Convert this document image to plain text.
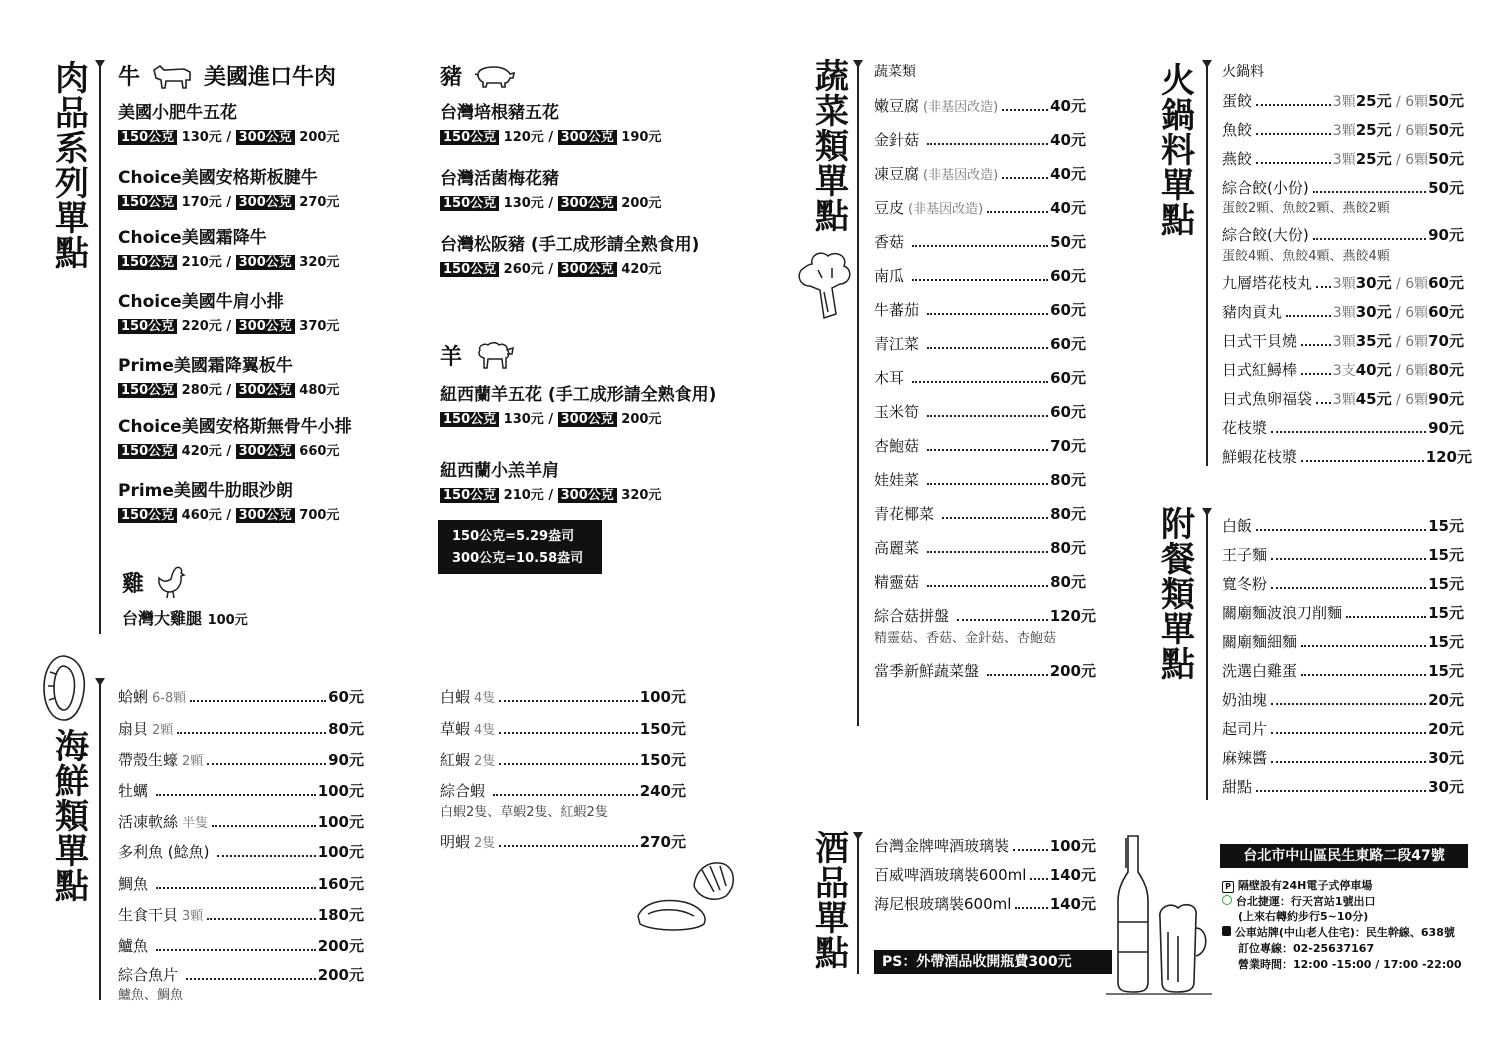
肉
品
系
列
單
點
牛	美國進口牛肉
美國小肥牛五花
150公克 130元 / 300公克 200元
Choice美國安格斯板腱牛
150公克 170元 / 300公克 270元
Choice美國霜降牛
150公克 210元 / 300公克 320元
Choice美國牛肩小排
150公克 220元 / 300公克 370元
Prime美國霜降翼板牛
150公克 280元 / 300公克 480元
Choice美國安格斯無骨牛小排
150公克 420元 / 300公克 660元
Prime美國牛肋眼沙朗
150公克 460元 / 300公克 700元
雞
台灣大雞腿 100元
豬
台灣培根豬五花
150公克 120元 / 300公克 190元
台灣活菌梅花豬
150公克 130元 / 300公克 200元
台灣松阪豬 (手工成形請全熟食用)
150公克 260元 / 300公克 420元
羊
紐西蘭羊五花 (手工成形請全熟食用)
150公克 130元 / 300公克 200元
紐西蘭小羔羊肩
150公克 210元 / 300公克 320元
150公克=5.29盎司
300公克=10.58盎司
海
鮮
類
單
點
蛤蜊 6-8顆	60元
扇貝 2顆	80元
帶殼生蠔 2顆	90元
牡蠣	100元
活凍軟絲 半隻	100元
多利魚 (鯰魚)	100元
鯛魚	160元
生食干貝 3顆	180元
鱸魚	200元
綜合魚片	200元
鱸魚、鯛魚
白蝦 4隻	100元
草蝦 4隻	150元
紅蝦 2隻	150元
綜合蝦	240元
白蝦2隻、草蝦2隻、紅蝦2隻
明蝦 2隻	270元
蔬
菜
類
單
點
蔬菜類
嫩豆腐 (非基因改造)	40元
金針菇	40元
凍豆腐 (非基因改造)	40元
豆皮 (非基因改造)	40元
香菇	50元
南瓜	60元
牛蕃茄	60元
青江菜	60元
木耳	60元
玉米筍	60元
杏鮑菇	70元
娃娃菜	80元
青花椰菜	80元
高麗菜	80元
精靈菇	80元
綜合菇拼盤	120元
精靈菇、香菇、金針菇、杏鮑菇
當季新鮮蔬菜盤	200元
酒
品
單
點
台灣金牌啤酒玻璃裝	100元
百威啤酒玻璃裝600ml 140元
海尼根玻璃裝600ml	140元
PS：外帶酒品收開瓶費300元
火
鍋
料
單
點
火鍋料
蛋餃	3顆 25元 / 6顆 50元
魚餃	3顆 25元 / 6顆 50元
燕餃	3顆 25元 / 6顆 50元
綜合餃(小份)	50元
蛋餃2顆、魚餃2顆、燕餃2顆
綜合餃(大份)	90元
蛋餃4顆、魚餃4顆、燕餃4顆
九層塔花枝丸 3顆 30元 / 6顆 60元
豬肉貢丸	3顆 30元 / 6顆 60元
日式干貝燒	3顆 35元 / 6顆 70元
日式紅鱘棒	3支 40元 / 6顆 80元
日式魚卵福袋 3顆 45元 / 6顆 90元
花枝漿	90元
鮮蝦花枝漿	120元
附
餐
類
單
點
白飯	15元
王子麵	15元
寬冬粉	15元
關廟麵波浪刀削麵	15元
關廟麵細麵	15元
洗選白雞蛋	15元
奶油塊	20元
起司片	20元
麻辣醬	30元
甜點	30元
台北市中山區民生東路二段47號
P 隔壁設有24H電子式停車場
台北捷運：行天宮站1號出口
(上來右轉約步行5~10分)
公車站牌(中山老人住宅)：民生幹線、638號
訂位專線：02-25637167
營業時間：12:00 -15:00 / 17:00 -22:00
